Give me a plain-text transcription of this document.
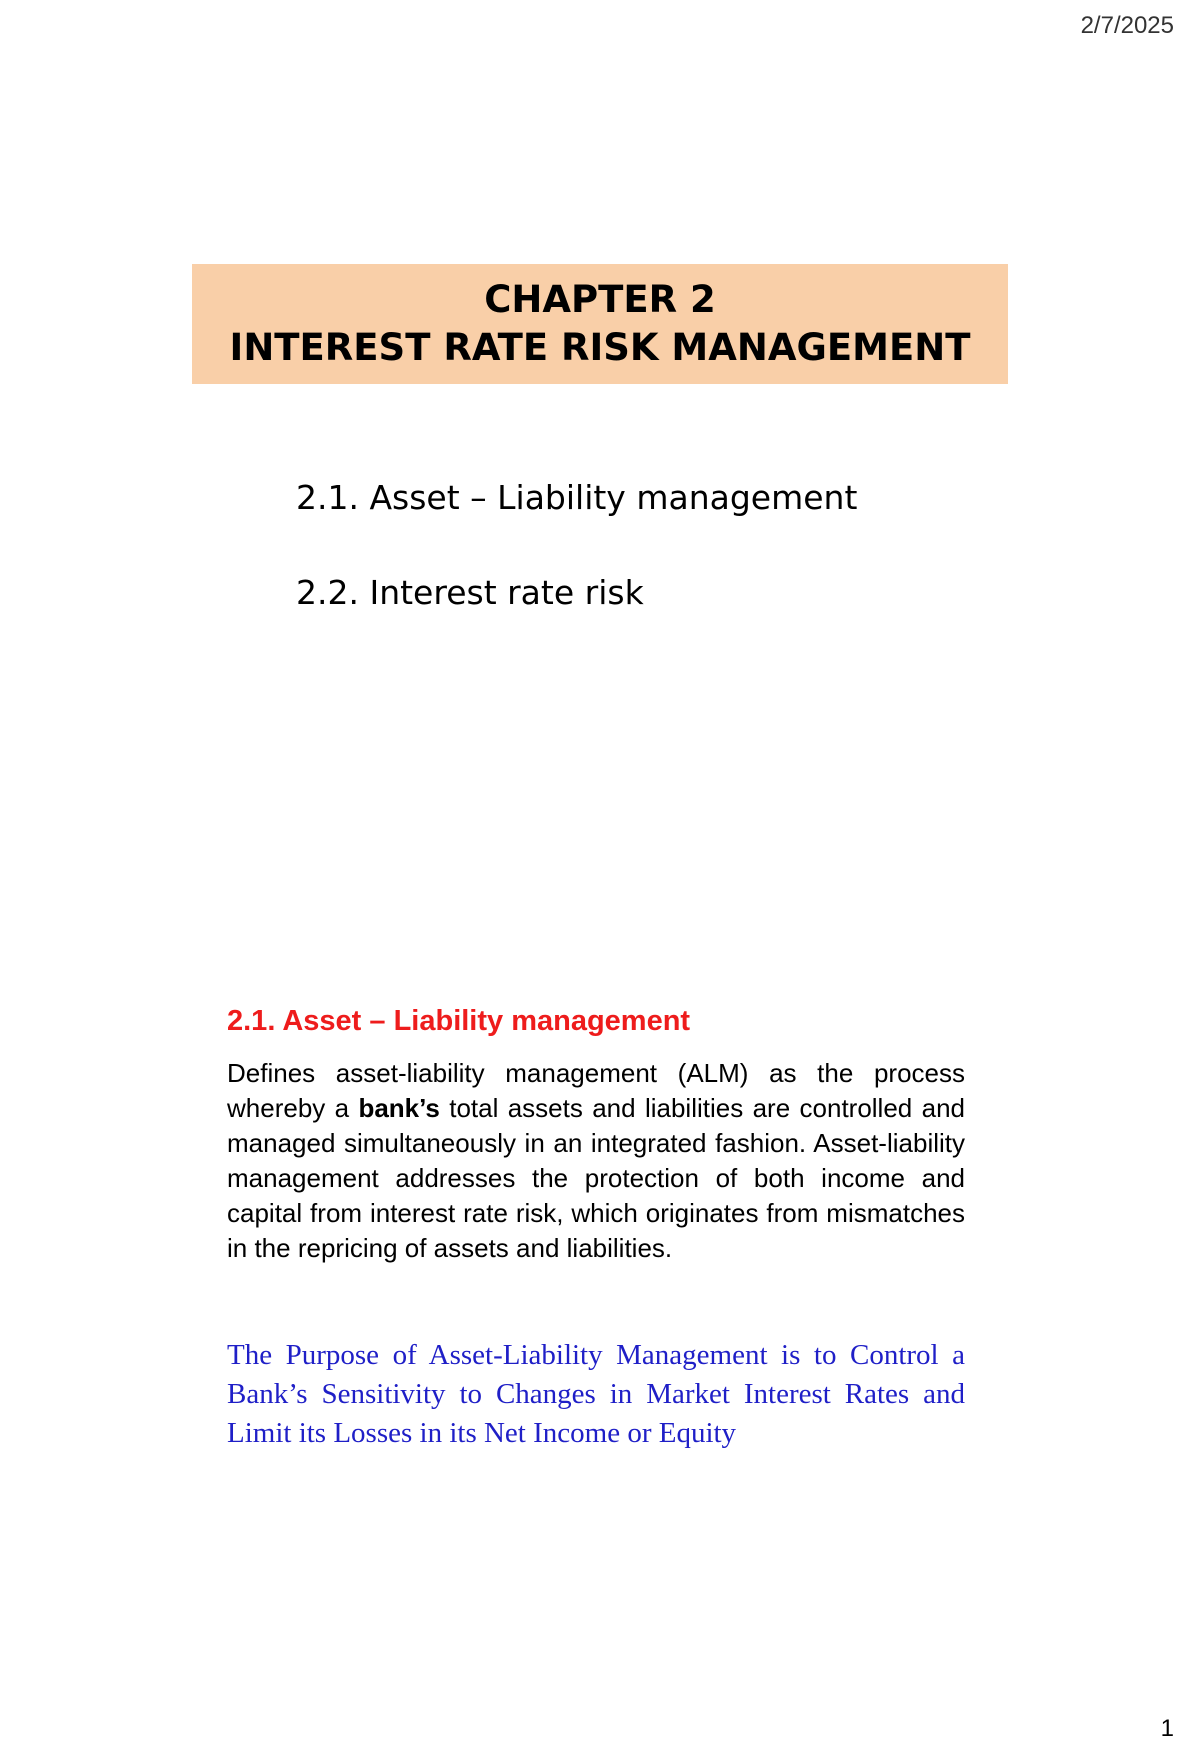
2/7/2025
CHAPTER 2
INTEREST RATE RISK MANAGEMENT
2.1. Asset – Liability management
2.2. Interest rate risk
2.1. Asset – Liability management

Defines asset-liability management (ALM) as the process whereby a bank’s total assets and liabilities are controlled and managed simultaneously in an integrated fashion. Asset-liability management addresses the protection of both income and capital from interest rate risk, which originates from mismatches in the repricing of assets and liabilities.

The Purpose of Asset-Liability Management is to Control a Bank’s Sensitivity to Changes in Market Interest Rates and Limit its Losses in its Net Income or Equity

1
